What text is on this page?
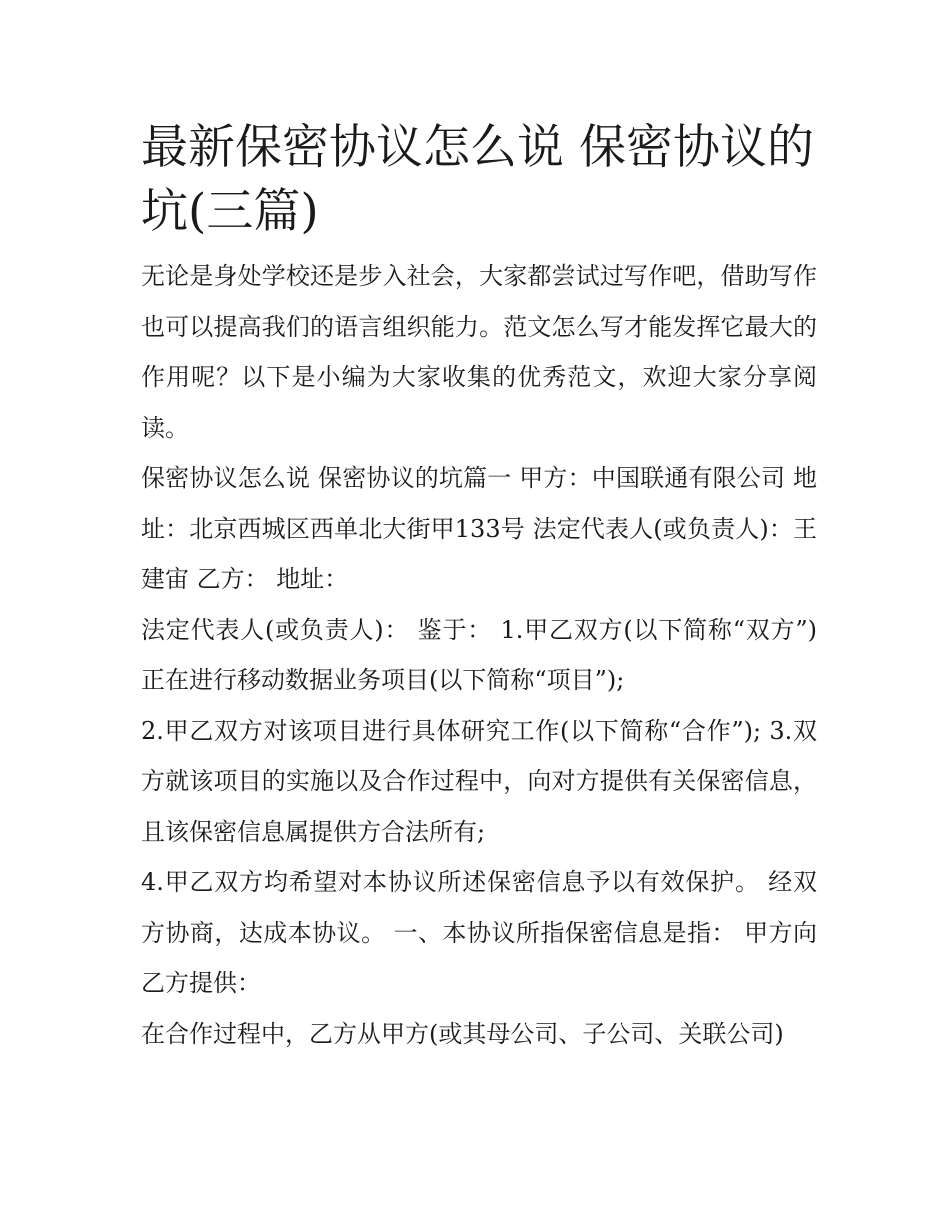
最新保密协议怎么说 保密协议的坑(三篇)

无论是身处学校还是步入社会，大家都尝试过写作吧，借助写作也可以提高我们的语言组织能力。范文怎么写才能发挥它最大的作用呢？以下是小编为大家收集的优秀范文，欢迎大家分享阅读。

保密协议怎么说 保密协议的坑篇一 甲方：中国联通有限公司 地址：北京西城区西单北大街甲133号 法定代表人(或负责人)：王建宙 乙方： 地址：

法定代表人(或负责人)： 鉴于： 1.甲乙双方(以下简称“双方”)正在进行移动数据业务项目(以下简称“项目”);

2.甲乙双方对该项目进行具体研究工作(以下简称“合作”); 3.双方就该项目的实施以及合作过程中，向对方提供有关保密信息，且该保密信息属提供方合法所有;

4.甲乙双方均希望对本协议所述保密信息予以有效保护。 经双方协商，达成本协议。 一、本协议所指保密信息是指： 甲方向乙方提供：

在合作过程中，乙方从甲方(或其母公司、子公司、关联公司)
